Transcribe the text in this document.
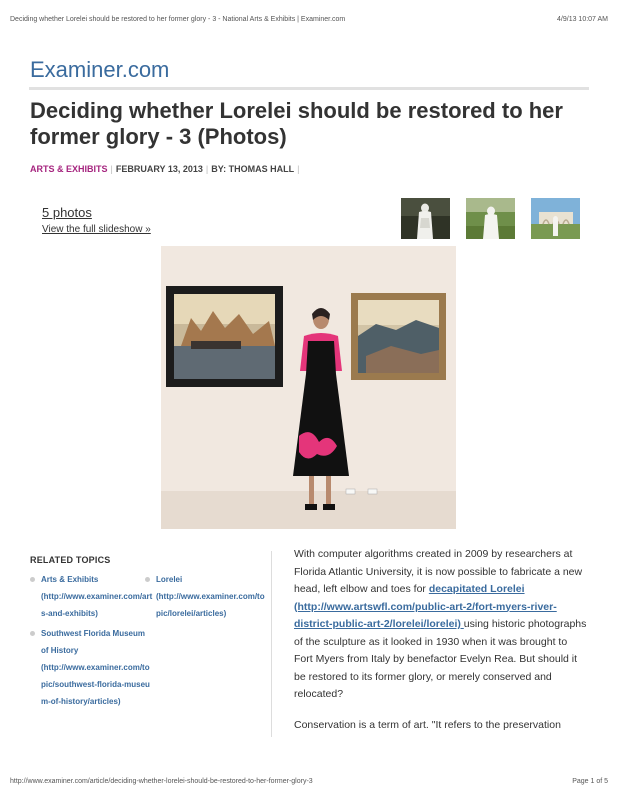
Deciding whether Lorelei should be restored to her former glory - 3 - National Arts & Exhibits | Examiner.com	4/9/13 10:07 AM
Examiner.com
Deciding whether Lorelei should be restored to her former glory - 3 (Photos)
ARTS & EXHIBITS | FEBRUARY 13, 2013 | BY: THOMAS HALL |
5 photos
View the full slideshow »
RELATED TOPICS
Arts & Exhibits
(http://www.examiner.com/arts-and-exhibits)
Lorelei
(http://www.examiner.com/topic/lorelei/articles)
Southwest Florida Museum of History
(http://www.examiner.com/topic/southwest-florida-museum-of-history/articles)

With computer algorithms created in 2009 by researchers at Florida Atlantic University, it is now possible to fabricate a new head, left elbow and toes for decapitated Lorelei (http://www.artswfl.com/public-art-2/fort-myers-river-district-public-art-2/lorelei/lorelei) using historic photographs of the sculpture as it looked in 1930 when it was brought to Fort Myers from Italy by benefactor Evelyn Rea. But should it be restored to its former glory, or merely conserved and relocated?

Conservation is a term of art. "It refers to the preservation

http://www.examiner.com/article/deciding-whether-lorelei-should-be-restored-to-her-former-glory-3	Page 1 of 5
